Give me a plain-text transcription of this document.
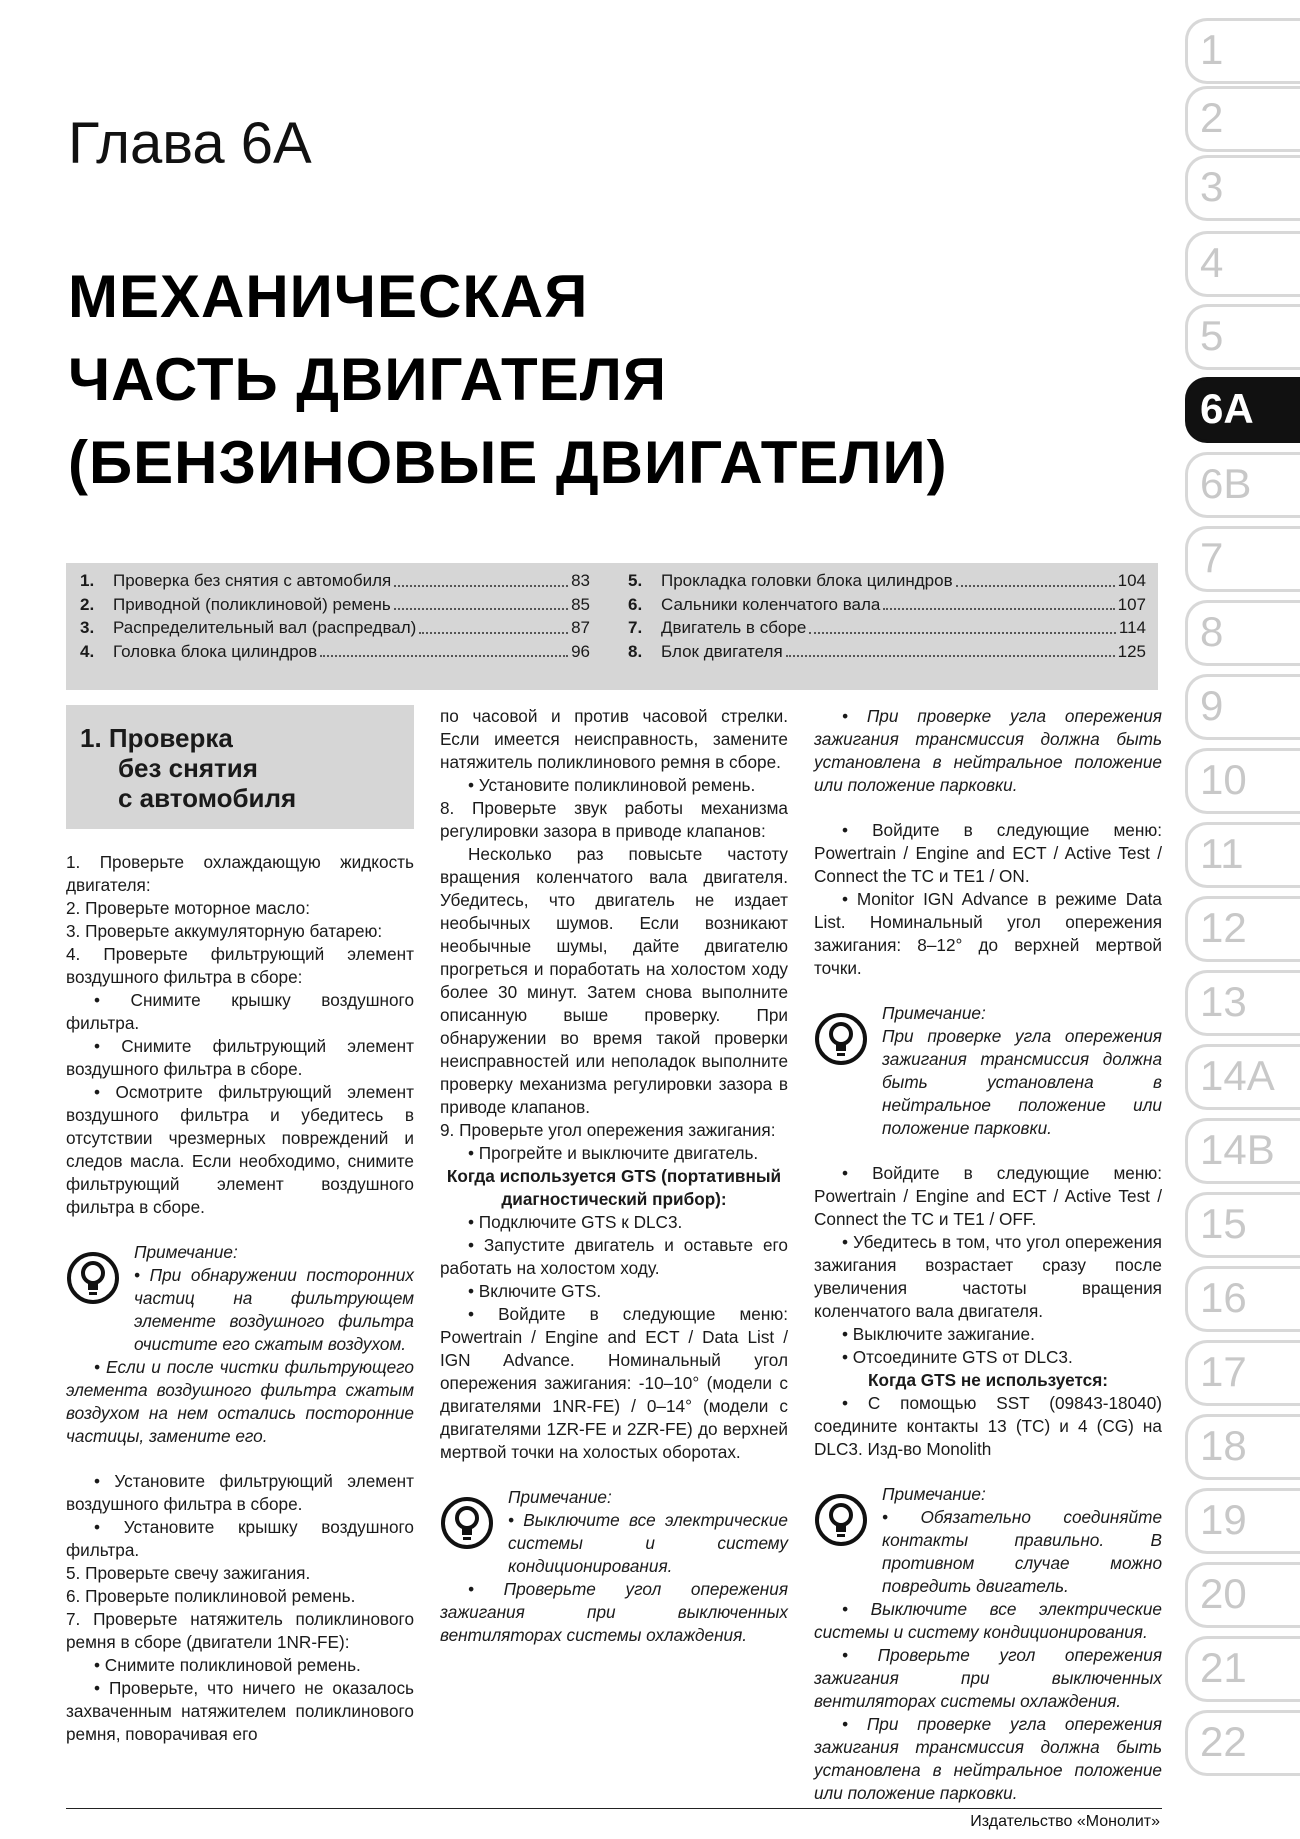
Глава 6А
МЕХАНИЧЕСКАЯ
ЧАСТЬ ДВИГАТЕЛЯ
(БЕНЗИНОВЫЕ ДВИГАТЕЛИ)
1.	Проверка без снятия с автомобиля	83
2.	Приводной (поликлиновой) ремень	85
3.	Распределительный вал (распредвал)	87
4.	Головка блока цилиндров	96
5.	Прокладка головки блока цилиндров	104
6.	Сальники коленчатого вала	107
7.	Двигатель в сборе	114
8.	Блок двигателя	125
1. Проверка
без снятия
с автомобиля

1. Проверьте охлаждающую жидкость двигателя:

2. Проверьте моторное масло:

3. Проверьте аккумуляторную батарею:

4. Проверьте фильтрующий элемент воздушного фильтра в сборе:

• Снимите крышку воздушного фильтра.

• Снимите фильтрующий элемент воздушного фильтра в сборе.

• Осмотрите фильтрующий элемент воздушного фильтра и убедитесь в отсутствии чрезмерных повреждений и следов масла. Если необходимо, снимите фильтрующий элемент воздушного фильтра в сборе.

Примечание:

• При обнаружении посторонних частиц на фильтрующем элементе воздушного фильтра очистите его сжатым воздухом.

• Если и после чистки фильтрующего элемента воздушного фильтра сжатым воздухом на нем остались посторонние частицы, замените его.

• Установите фильтрующий элемент воздушного фильтра в сборе.

• Установите крышку воздушного фильтра.

5. Проверьте свечу зажигания.

6. Проверьте поликлиновой ремень.

7. Проверьте натяжитель поликлинового ремня в сборе (двигатели 1NR-FE):

• Снимите поликлиновой ремень.

• Проверьте, что ничего не оказалось захваченным натяжителем поликлинового ремня, поворачивая его

по часовой и против часовой стрелки. Если имеется неисправность, замените натяжитель поликлинового ремня в сборе.

• Установите поликлиновой ремень.

8. Проверьте звук работы механизма регулировки зазора в приводе клапанов:

Несколько раз повысьте частоту вращения коленчатого вала двигателя. Убедитесь, что двигатель не издает необычных шумов. Если возникают необычные шумы, дайте двигателю прогреться и поработать на холостом ходу более 30 минут. Затем снова выполните описанную выше проверку. При обнаружении во время такой проверки неисправностей или неполадок выполните проверку механизма регулировки зазора в приводе клапанов.

9. Проверьте угол опережения зажигания:

• Прогрейте и выключите двигатель.

Когда используется GTS (портативный диагностический прибор):

• Подключите GTS к DLC3.

• Запустите двигатель и оставьте его работать на холостом ходу.

• Включите GTS.

• Войдите в следующие меню: Powertrain / Engine and ECT / Data List / IGN Advance. Номинальный угол опережения зажигания: -10–10° (модели с двигателями 1NR-FE) / 0–14° (модели с двигателями 1ZR-FE и 2ZR-FE) до верхней мертвой точки на холостых оборотах.

Примечание:

• Выключите все электрические системы и систему кондиционирования.

• Проверьте угол опережения зажигания при выключенных вентиляторах системы охлаждения.

• При проверке угла опережения зажигания трансмиссия должна быть установлена в нейтральное положение или положение парковки.

• Войдите в следующие меню: Powertrain / Engine and ECT / Active Test / Connect the TC и TE1 / ON.

• Monitor IGN Advance в режиме Data List. Номинальный угол опережения зажигания: 8–12° до верхней мертвой точки.

Примечание:

При проверке угла опережения зажигания трансмиссия должна быть установлена в нейтральное положение или положение парковки.

• Войдите в следующие меню: Powertrain / Engine and ECT / Active Test / Connect the TC и TE1 / OFF.

• Убедитесь в том, что угол опережения зажигания возрастает сразу после увеличения частоты вращения коленчатого вала двигателя.

• Выключите зажигание.

• Отсоедините GTS от DLC3.

Когда GTS не используется:

• С помощью SST (09843-18040) соедините контакты 13 (TC) и 4 (CG) на DLC3. Изд-во Monolith

Примечание:

• Обязательно соединяйте контакты правильно. В противном случае можно повредить двигатель.

• Выключите все электрические системы и систему кондиционирования.

• Проверьте угол опережения зажигания при выключенных вентиляторах системы охлаждения.

• При проверке угла опережения зажигания трансмиссия должна быть установлена в нейтральное положение или положение парковки.

1
2
3
4
5
6А
6В
7
8
9
10
11
12
13
14А
14В
15
16
17
18
19
20
21
22
Издательство «Монолит»
